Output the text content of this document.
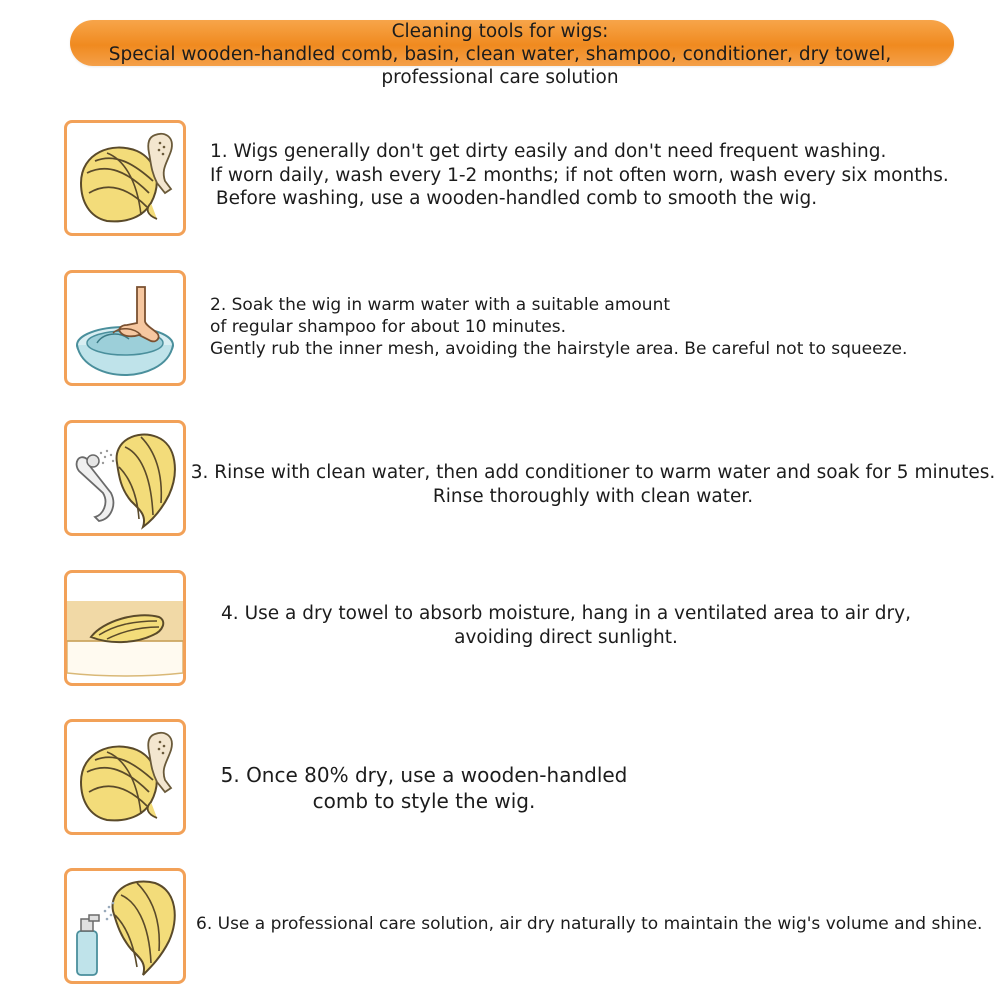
Cleaning tools for wigs:
Special wooden-handled comb, basin, clean water, shampoo, conditioner, dry towel,
professional care solution
1. Wigs generally don't get dirty easily and don't need frequent washing.
If worn daily, wash every 1-2 months; if not often worn, wash every six months.
Before washing, use a wooden-handled comb to smooth the wig.
2. Soak the wig in warm water with a suitable amount
of regular shampoo for about 10 minutes.
Gently rub the inner mesh, avoiding the hairstyle area. Be careful not to squeeze.
3. Rinse with clean water, then add conditioner to warm water and soak for 5 minutes.
Rinse thoroughly with clean water.
4. Use a dry towel to absorb moisture, hang in a ventilated area to air dry,
avoiding direct sunlight.
5. Once 80% dry, use a wooden-handled
comb to style the wig.
6. Use a professional care solution, air dry naturally to maintain the wig's volume and shine.
